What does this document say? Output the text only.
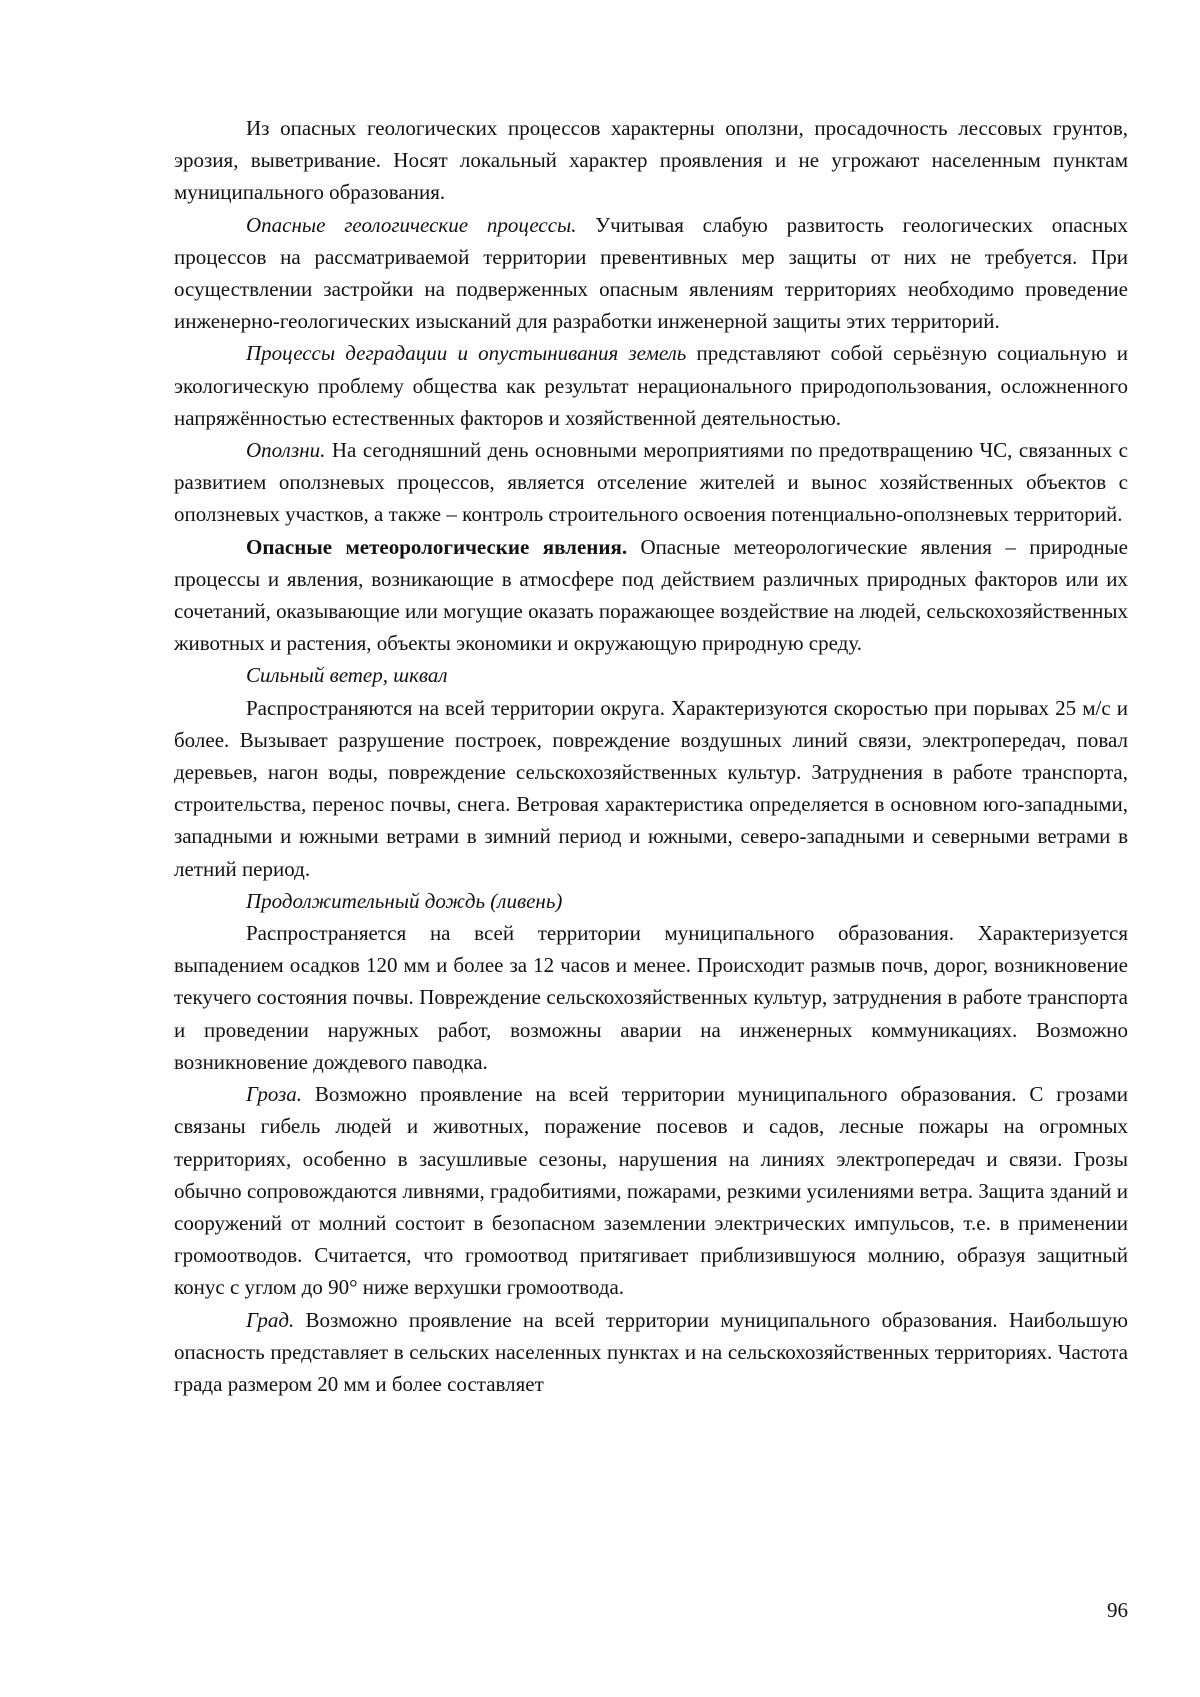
Из опасных геологических процессов характерны оползни, просадочность лессовых грунтов, эрозия, выветривание. Носят локальный характер проявления и не угрожают населенным пунктам муниципального образования.

Опасные геологические процессы. Учитывая слабую развитость геологических опасных процессов на рассматриваемой территории превентивных мер защиты от них не требуется. При осуществлении застройки на подверженных опасным явлениям территориях необходимо проведение инженерно-геологических изысканий для разработки инженерной защиты этих территорий.

Процессы деградации и опустынивания земель представляют собой серьёзную социальную и экологическую проблему общества как результат нерационального природопользования, осложненного напряжённостью естественных факторов и хозяйственной деятельностью.

Оползни. На сегодняшний день основными мероприятиями по предотвращению ЧС, связанных с развитием оползневых процессов, является отселение жителей и вынос хозяйственных объектов с оползневых участков, а также – контроль строительного освоения потенциально-оползневых территорий.

Опасные метеорологические явления. Опасные метеорологические явления – природные процессы и явления, возникающие в атмосфере под действием различных природных факторов или их сочетаний, оказывающие или могущие оказать поражающее воздействие на людей, сельскохозяйственных животных и растения, объекты экономики и окружающую природную среду.

Сильный ветер, шквал

Распространяются на всей территории округа. Характеризуются скоростью при порывах 25 м/с и более. Вызывает разрушение построек, повреждение воздушных линий связи, электропередач, повал деревьев, нагон воды, повреждение сельскохозяйственных культур. Затруднения в работе транспорта, строительства, перенос почвы, снега. Ветровая характеристика определяется в основном юго-западными, западными и южными ветрами в зимний период и южными, северо-западными и северными ветрами в летний период.

Продолжительный дождь (ливень)

Распространяется на всей территории муниципального образования. Характеризуется выпадением осадков 120 мм и более за 12 часов и менее. Происходит размыв почв, дорог, возникновение текучего состояния почвы. Повреждение сельскохозяйственных культур, затруднения в работе транспорта и проведении наружных работ, возможны аварии на инженерных коммуникациях. Возможно возникновение дождевого паводка.

Гроза. Возможно проявление на всей территории муниципального образования. С грозами связаны гибель людей и животных, поражение посевов и садов, лесные пожары на огромных территориях, особенно в засушливые сезоны, нарушения на линиях электропередач и связи. Грозы обычно сопровождаются ливнями, градобитиями, пожарами, резкими усилениями ветра. Защита зданий и сооружений от молний состоит в безопасном заземлении электрических импульсов, т.е. в применении громоотводов. Считается, что громоотвод притягивает приблизившуюся молнию, образуя защитный конус с углом до 90° ниже верхушки громоотвода.

Град. Возможно проявление на всей территории муниципального образования. Наибольшую опасность представляет в сельских населенных пунктах и на сельскохозяйственных территориях. Частота града размером 20 мм и более составляет

96
